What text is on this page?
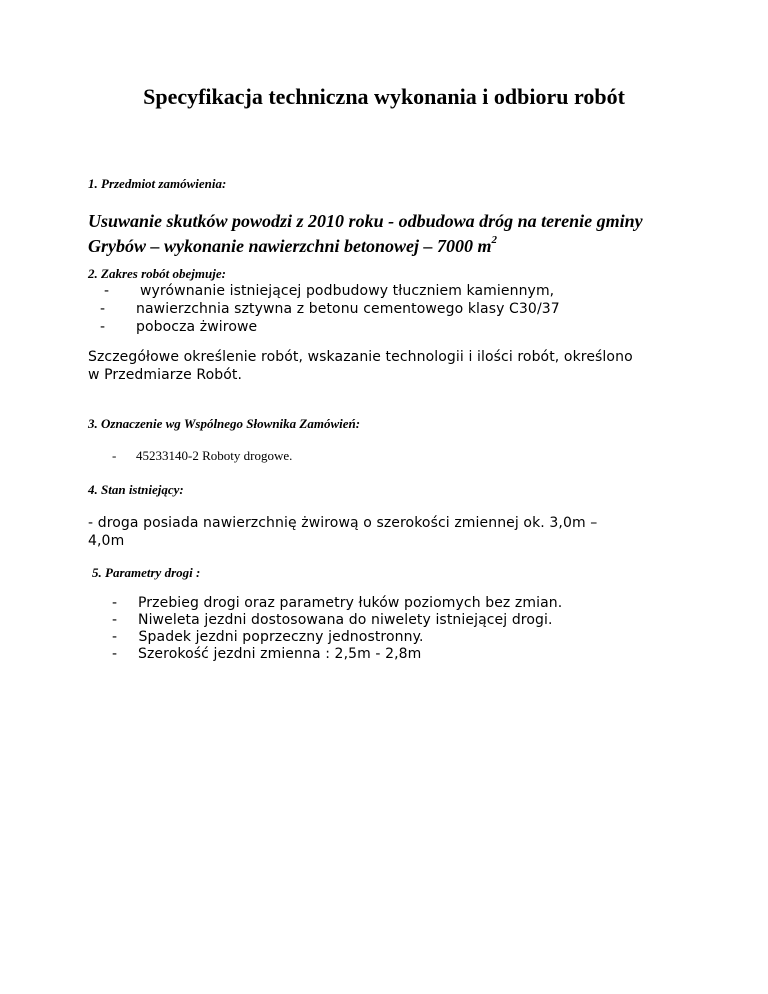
Specyfikacja techniczna wykonania i odbioru robót
1. Przedmiot zamówienia:
Usuwanie skutków powodzi z 2010 roku - odbudowa dróg na terenie gminy
Grybów – wykonanie nawierzchni betonowej – 7000 $m^2$
2. Zakres robót obejmuje:
- wyrównanie istniejącej podbudowy tłuczniem kamiennym,
- nawierzchnia sztywna z betonu cementowego klasy C30/37
- pobocza żwirowe
Szczegółowe określenie robót, wskazanie technologii i ilości robót, określono
w Przedmiarze Robót.
3. Oznaczenie wg Wspólnego Słownika Zamówień:
- 45233140-2 Roboty drogowe.
4. Stan istniejący:
- droga posiada nawierzchnię żwirową o szerokości zmiennej ok. 3,0m –
4,0m
5. Parametry drogi :
- Przebieg drogi oraz parametry łuków poziomych bez zmian.
- Niweleta jezdni dostosowana do niwelety istniejącej drogi.
- Spadek jezdni poprzeczny jednostronny.
- Szerokość jezdni zmienna : 2,5m - 2,8m
